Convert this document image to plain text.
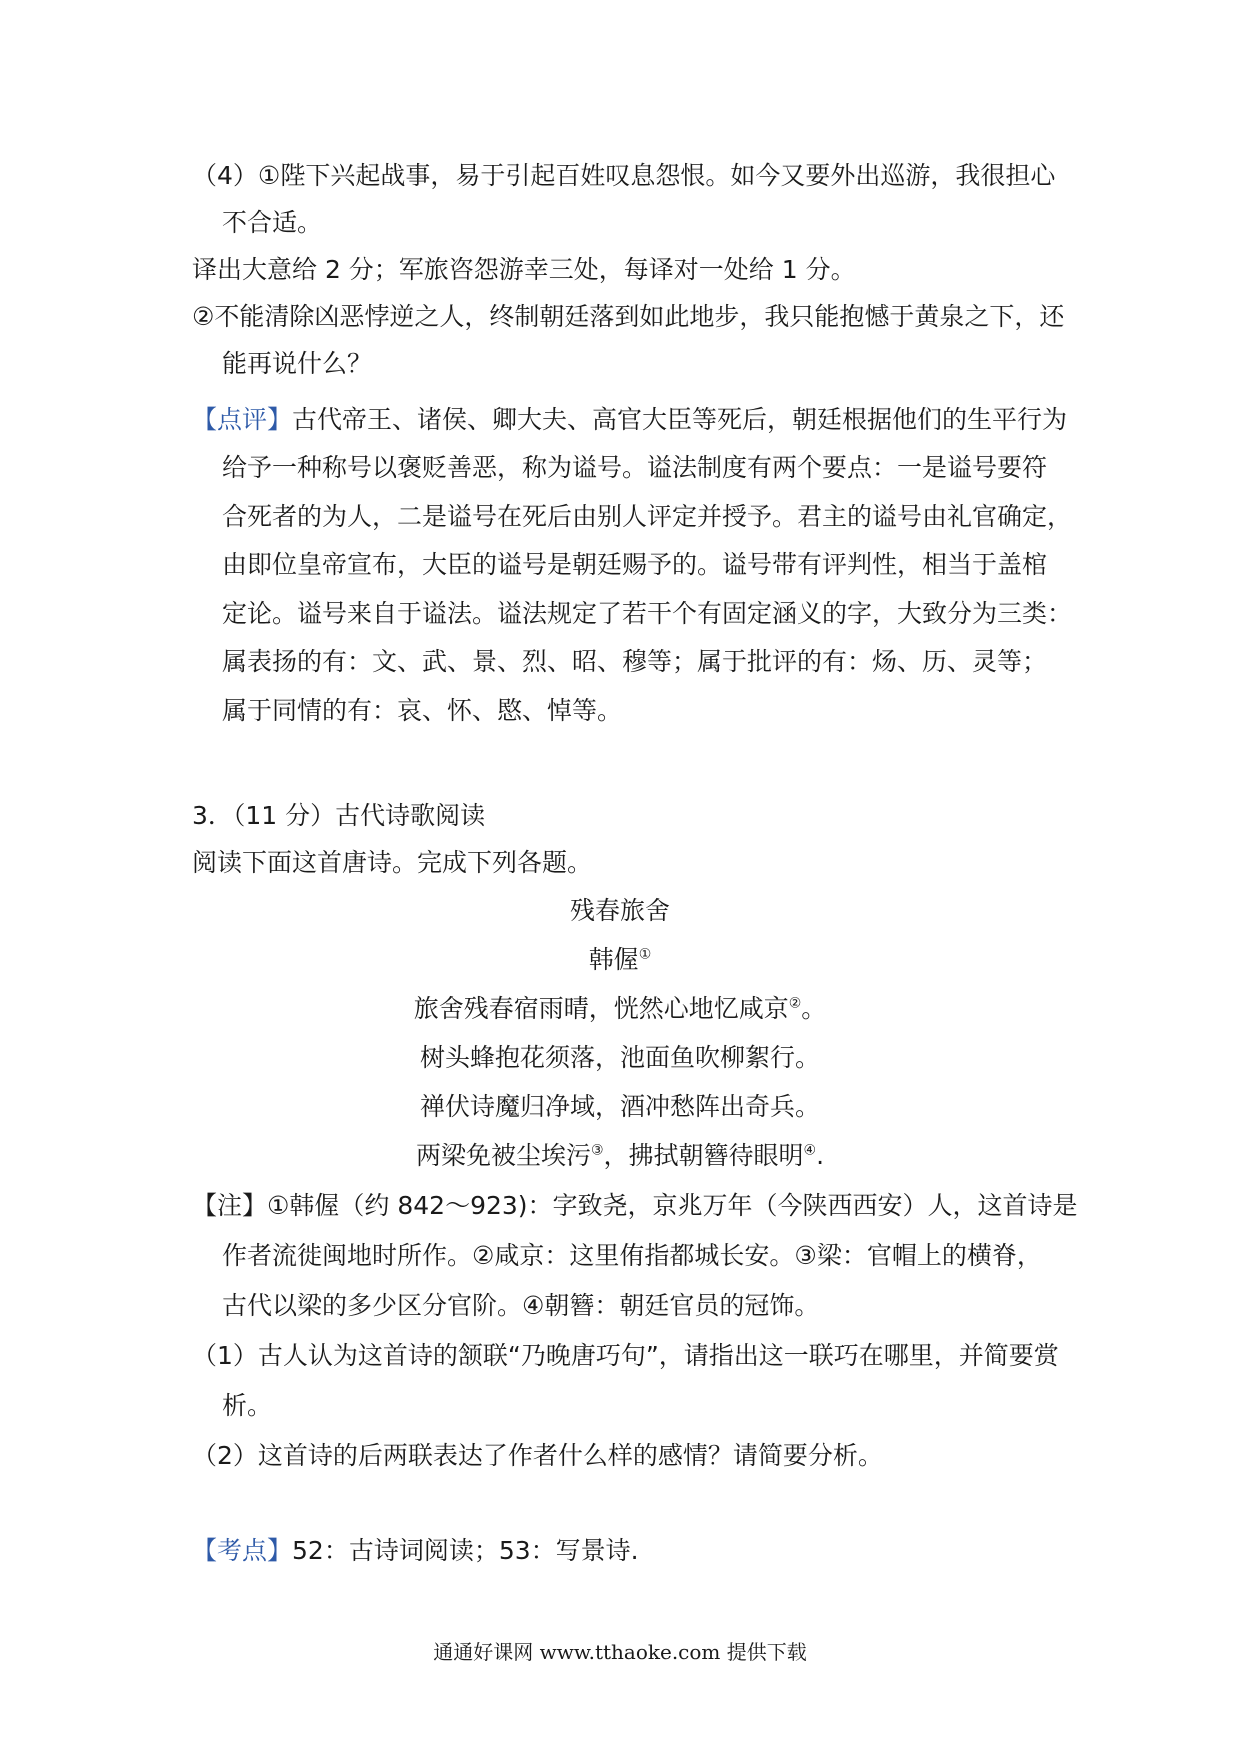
（4）①陛下兴起战事，易于引起百姓叹息怨恨。如今又要外出巡游，我很担心
不合适。
译出大意给 2 分；军旅咨怨游幸三处，每译对一处给 1 分。
②不能清除凶恶悖逆之人，终制朝廷落到如此地步，我只能抱憾于黄泉之下，还
能再说什么？
【点评】古代帝王、诸侯、卿大夫、高官大臣等死后，朝廷根据他们的生平行为
给予一种称号以褒贬善恶，称为谥号。谥法制度有两个要点：一是谥号要符
合死者的为人，二是谥号在死后由别人评定并授予。君主的谥号由礼官确定，
由即位皇帝宣布，大臣的谥号是朝廷赐予的。谥号带有评判性，相当于盖棺
定论。谥号来自于谥法。谥法规定了若干个有固定涵义的字，大致分为三类：
属表扬的有：文、武、景、烈、昭、穆等；属于批评的有：炀、历、灵等；
属于同情的有：哀、怀、愍、悼等。
3．（11 分）古代诗歌阅读
阅读下面这首唐诗。完成下列各题。
残春旅舍
韩偓①
旅舍残春宿雨晴，恍然心地忆咸京②。
树头蜂抱花须落，池面鱼吹柳絮行。
禅伏诗魔归净域，酒冲愁阵出奇兵。
两梁免被尘埃污③，拂拭朝簪待眼明④.
【注】①韩偓（约 842～923)：字致尧，京兆万年（今陕西西安）人，这首诗是
作者流徙闽地时所作。②咸京：这里侑指都城长安。③梁：官帽上的横脊，
古代以梁的多少区分官阶。④朝簪：朝廷官员的冠饰。
（1）古人认为这首诗的颔联“乃晚唐巧句”，请指出这一联巧在哪里，并简要赏
析。
（2）这首诗的后两联表达了作者什么样的感情？请简要分析。
【考点】52：古诗词阅读；53：写景诗.
通通好课网 www.tthaoke.com 提供下载
